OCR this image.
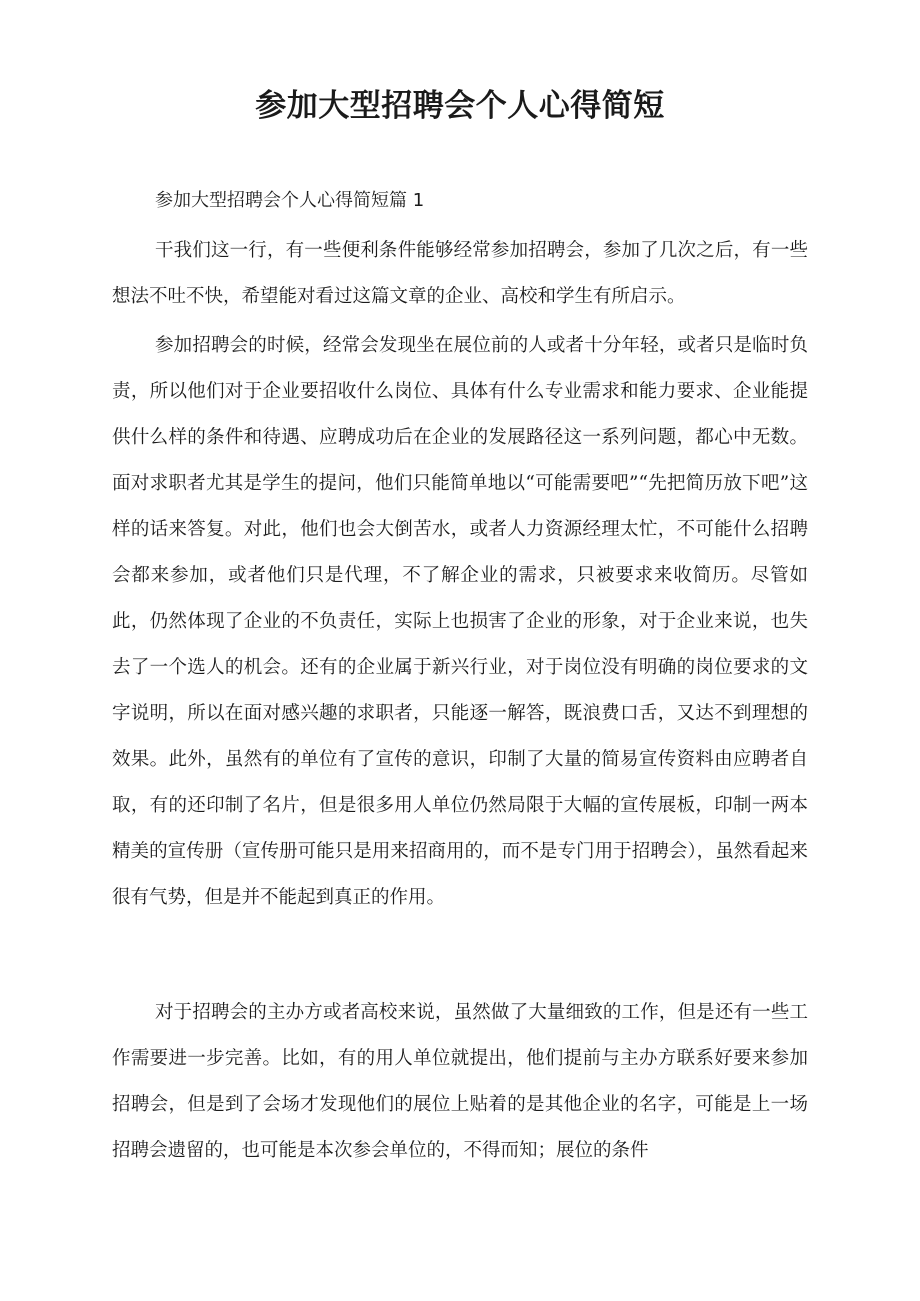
参加大型招聘会个人心得简短

参加大型招聘会个人心得简短篇 1

干我们这一行，有一些便利条件能够经常参加招聘会，参加了几次之后，有一些想法不吐不快，希望能对看过这篇文章的企业、高校和学生有所启示。

参加招聘会的时候，经常会发现坐在展位前的人或者十分年轻，或者只是临时负责，所以他们对于企业要招收什么岗位、具体有什么专业需求和能力要求、企业能提供什么样的条件和待遇、应聘成功后在企业的发展路径这一系列问题，都心中无数。面对求职者尤其是学生的提问，他们只能简单地以“可能需要吧”“先把简历放下吧”这样的话来答复。对此，他们也会大倒苦水，或者人力资源经理太忙，不可能什么招聘会都来参加，或者他们只是代理，不了解企业的需求，只被要求来收简历。尽管如此，仍然体现了企业的不负责任，实际上也损害了企业的形象，对于企业来说，也失去了一个选人的机会。还有的企业属于新兴行业，对于岗位没有明确的岗位要求的文字说明，所以在面对感兴趣的求职者，只能逐一解答，既浪费口舌，又达不到理想的效果。此外，虽然有的单位有了宣传的意识，印制了大量的简易宣传资料由应聘者自取，有的还印制了名片，但是很多用人单位仍然局限于大幅的宣传展板，印制一两本精美的宣传册（宣传册可能只是用来招商用的，而不是专门用于招聘会），虽然看起来很有气势，但是并不能起到真正的作用。

对于招聘会的主办方或者高校来说，虽然做了大量细致的工作，但是还有一些工作需要进一步完善。比如，有的用人单位就提出，他们提前与主办方联系好要来参加招聘会，但是到了会场才发现他们的展位上贴着的是其他企业的名字，可能是上一场招聘会遗留的，也可能是本次参会单位的，不得而知；展位的条件
